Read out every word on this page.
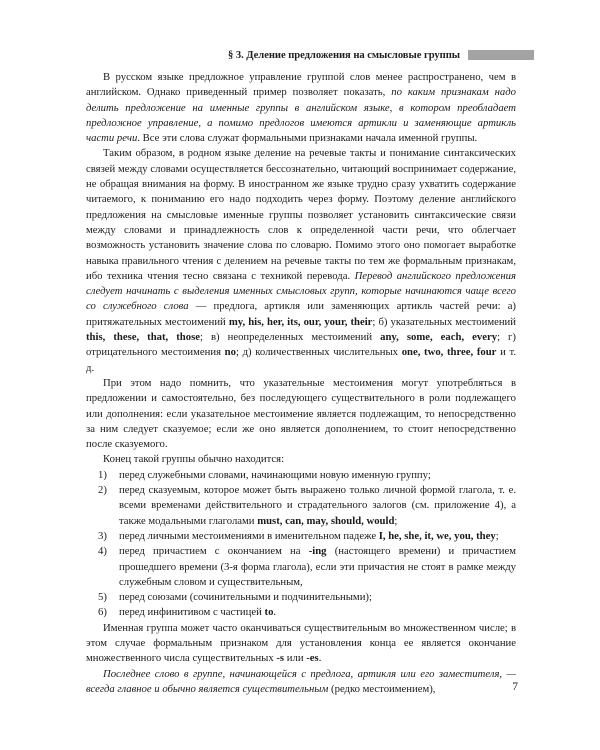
§ 3. Деление предложения на смысловые группы

В русском языке предложное управление группой слов менее распространено, чем в английском. Однако приведенный пример позволяет показать, по каким признакам надо делить предложение на именные группы в английском языке, в котором преобладает предложное управление, а помимо предлогов имеются артикли и заменяющие артикль части речи. Все эти слова служат формальными признаками начала именной группы.

Таким образом, в родном языке деление на речевые такты и понимание синтаксических связей между словами осуществляется бессознательно, читающий воспринимает содержание, не обращая внимания на форму. В иностранном же языке трудно сразу ухватить содержание читаемого, к пониманию его надо подходить через форму. Поэтому деление английского предложения на смысловые именные группы позволяет установить синтаксические связи между словами и принадлежность слов к определенной части речи, что облегчает возможность установить значение слова по словарю. Помимо этого оно помогает выработке навыка правильного чтения с делением на речевые такты по тем же формальным признакам, ибо техника чтения тесно связана с техникой перевода. Перевод английского предложения следует начинать с выделения именных смысловых групп, которые начинаются чаще всего со служебного слова — предлога, артикля или заменяющих артикль частей речи: а) притяжательных местоимений my, his, her, its, our, your, their; б) указательных местоимений this, these, that, those; в) неопределенных местоимений any, some, each, every; г) отрицательного местоимения no; д) количественных числительных one, two, three, four и т. д.

При этом надо помнить, что указательные местоимения могут употребляться в предложении и самостоятельно, без последующего существительного в роли подлежащего или дополнения: если указательное местоимение является подлежащим, то непосредственно за ним следует сказуемое; если же оно является дополнением, то стоит непосредственно после сказуемого.

Конец такой группы обычно находится:

1)	перед служебными словами, начинающими новую именную группу;
2)	перед сказуемым, которое может быть выражено только личной формой глагола, т. е. всеми временами действительного и страдательного залогов (см. приложение 4), а также модальными глаголами must, can, may, should, would;
3)	перед личными местоимениями в именительном падеже I, he, she, it, we, you, they;
4)	перед причастием с окончанием на -ing (настоящего времени) и причастием прошедшего времени (3-я форма глагола), если эти причастия не стоят в рамке между служебным словом и существительным,
5)	перед союзами (сочинительными и подчинительными);
6)	перед инфинитивом с частицей to.

Именная группа может часто оканчиваться существительным во множественном числе; в этом случае формальным признаком для установления конца ее является окончание множественного числа существительных -s или -es.

Последнее слово в группе, начинающейся с предлога, артикля или его заместителя, — всегда главное и обычно является существительным (редко местоимением),	7
